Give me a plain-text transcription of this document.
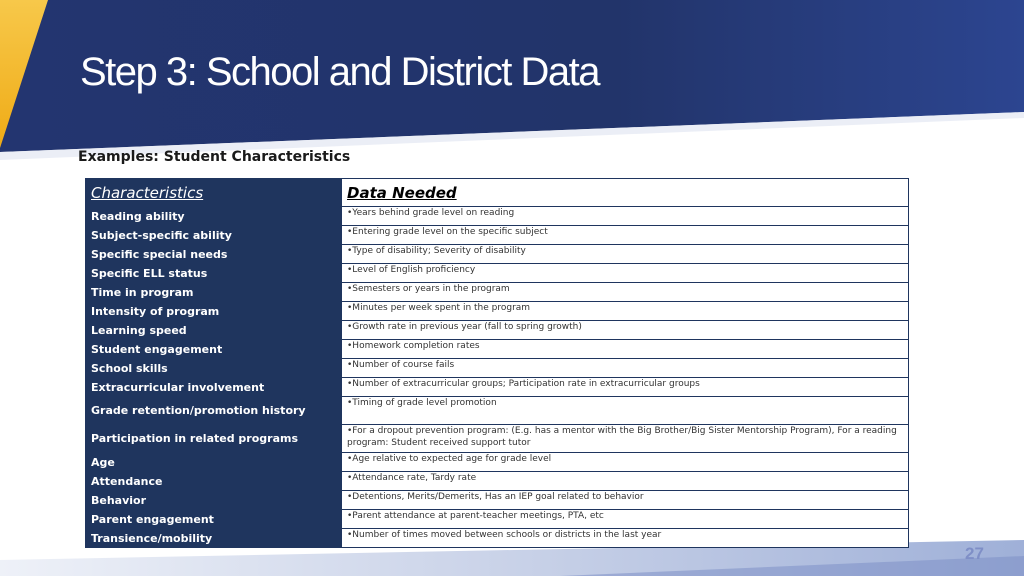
Step 3: School and District Data
Examples: Student Characteristics
Characteristics	Data Needed
Reading ability	•Years behind grade level on reading
Subject-specific ability	•Entering grade level on the specific subject
Specific special needs	•Type of disability; Severity of disability
Specific ELL status	•Level of English proficiency
Time in program	•Semesters or years in the program
Intensity of program	•Minutes per week spent in the program
Learning speed	•Growth rate in previous year (fall to spring growth)
Student engagement	•Homework completion rates
School skills	•Number of course fails
Extracurricular involvement	•Number of extracurricular groups; Participation rate in extracurricular groups
Grade retention/promotion history	•Timing of grade level promotion
Participation in related programs	•For a dropout prevention program: (E.g. has a mentor with the Big Brother/Big Sister Mentorship Program), For a reading program: Student received support tutor
Age	•Age relative to expected age for grade level
Attendance	•Attendance rate, Tardy rate
Behavior	•Detentions, Merits/Demerits, Has an IEP goal related to behavior
Parent engagement	•Parent attendance at parent-teacher meetings, PTA, etc
Transience/mobility	•Number of times moved between schools or districts in the last year
27
